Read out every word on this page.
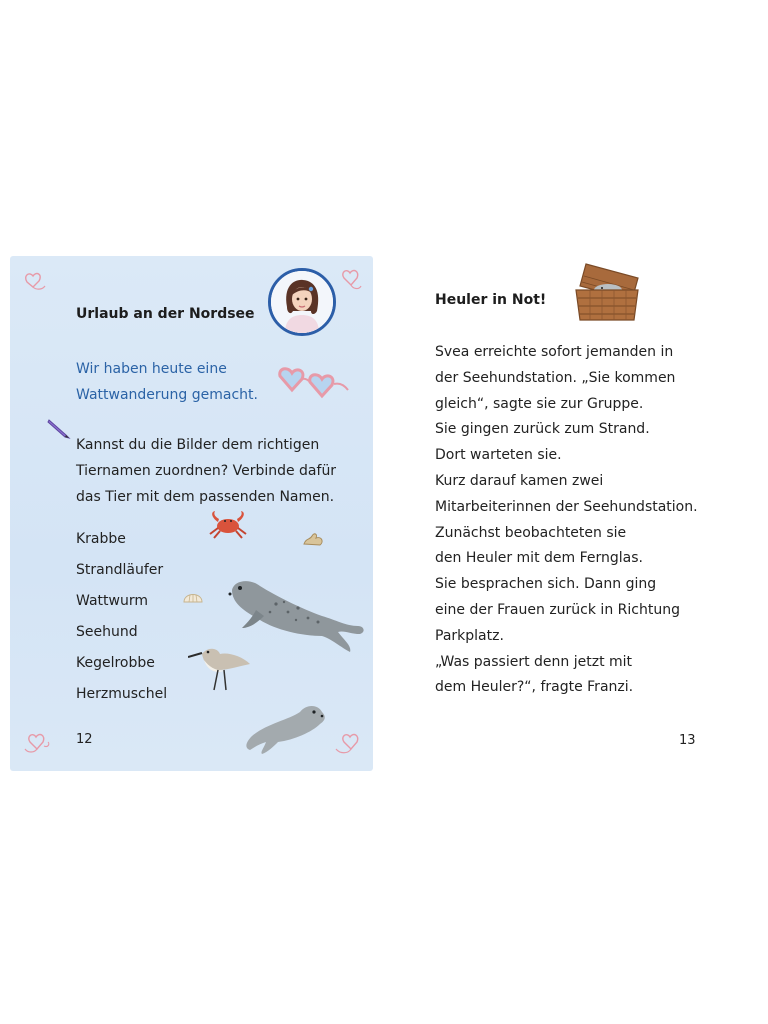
Urlaub an der Nordsee
Wir haben heute eine
Wattwanderung gemacht.
Kannst du die Bilder dem richtigen
Tiernamen zuordnen? Verbinde dafür
das Tier mit dem passenden Namen.
Krabbe
Strandläufer
Wattwurm
Seehund
Kegelrobbe
Herzmuschel
12
Heuler in Not!
Svea erreichte sofort jemanden in
der Seehundstation. „Sie kommen
gleich“, sagte sie zur Gruppe.
Sie gingen zurück zum Strand.
Dort warteten sie.
Kurz darauf kamen zwei
Mitarbeiterinnen der Seehundstation.
Zunächst beobachteten sie
den Heuler mit dem Fernglas.
Sie besprachen sich. Dann ging
eine der Frauen zurück in Richtung
Parkplatz.
„Was passiert denn jetzt mit
dem Heuler?“, fragte Franzi.
13
